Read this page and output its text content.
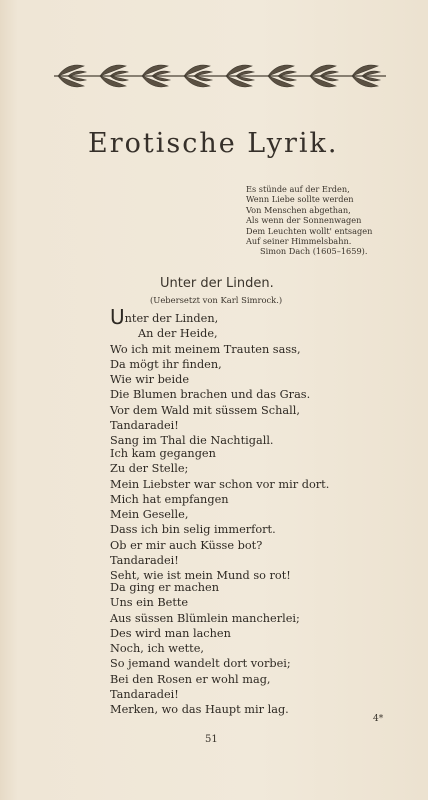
Erotische Lyrik.
Es stünde auf der Erden,
Wenn Liebe sollte werden
Von Menschen abgethan,
Als wenn der Sonnenwagen
Dem Leuchten wollt' entsagen
Auf seiner Himmelsbahn.
Simon Dach (1605–1659).
Unter der Linden.
(Uebersetzt von Karl Simrock.)
Unter der Linden,
An der Heide,
Wo ich mit meinem Trauten sass,
Da mögt ihr finden,
Wie wir beide
Die Blumen brachen und das Gras.
Vor dem Wald mit süssem Schall,
Tandaradei!
Sang im Thal die Nachtigall.
Ich kam gegangen
Zu der Stelle;
Mein Liebster war schon vor mir dort.
Mich hat empfangen
Mein Geselle,
Dass ich bin selig immerfort.
Ob er mir auch Küsse bot?
Tandaradei!
Seht, wie ist mein Mund so rot!
Da ging er machen
Uns ein Bette
Aus süssen Blümlein mancherlei;
Des wird man lachen
Noch, ich wette,
So jemand wandelt dort vorbei;
Bei den Rosen er wohl mag,
Tandaradei!
Merken, wo das Haupt mir lag.
4*
51
